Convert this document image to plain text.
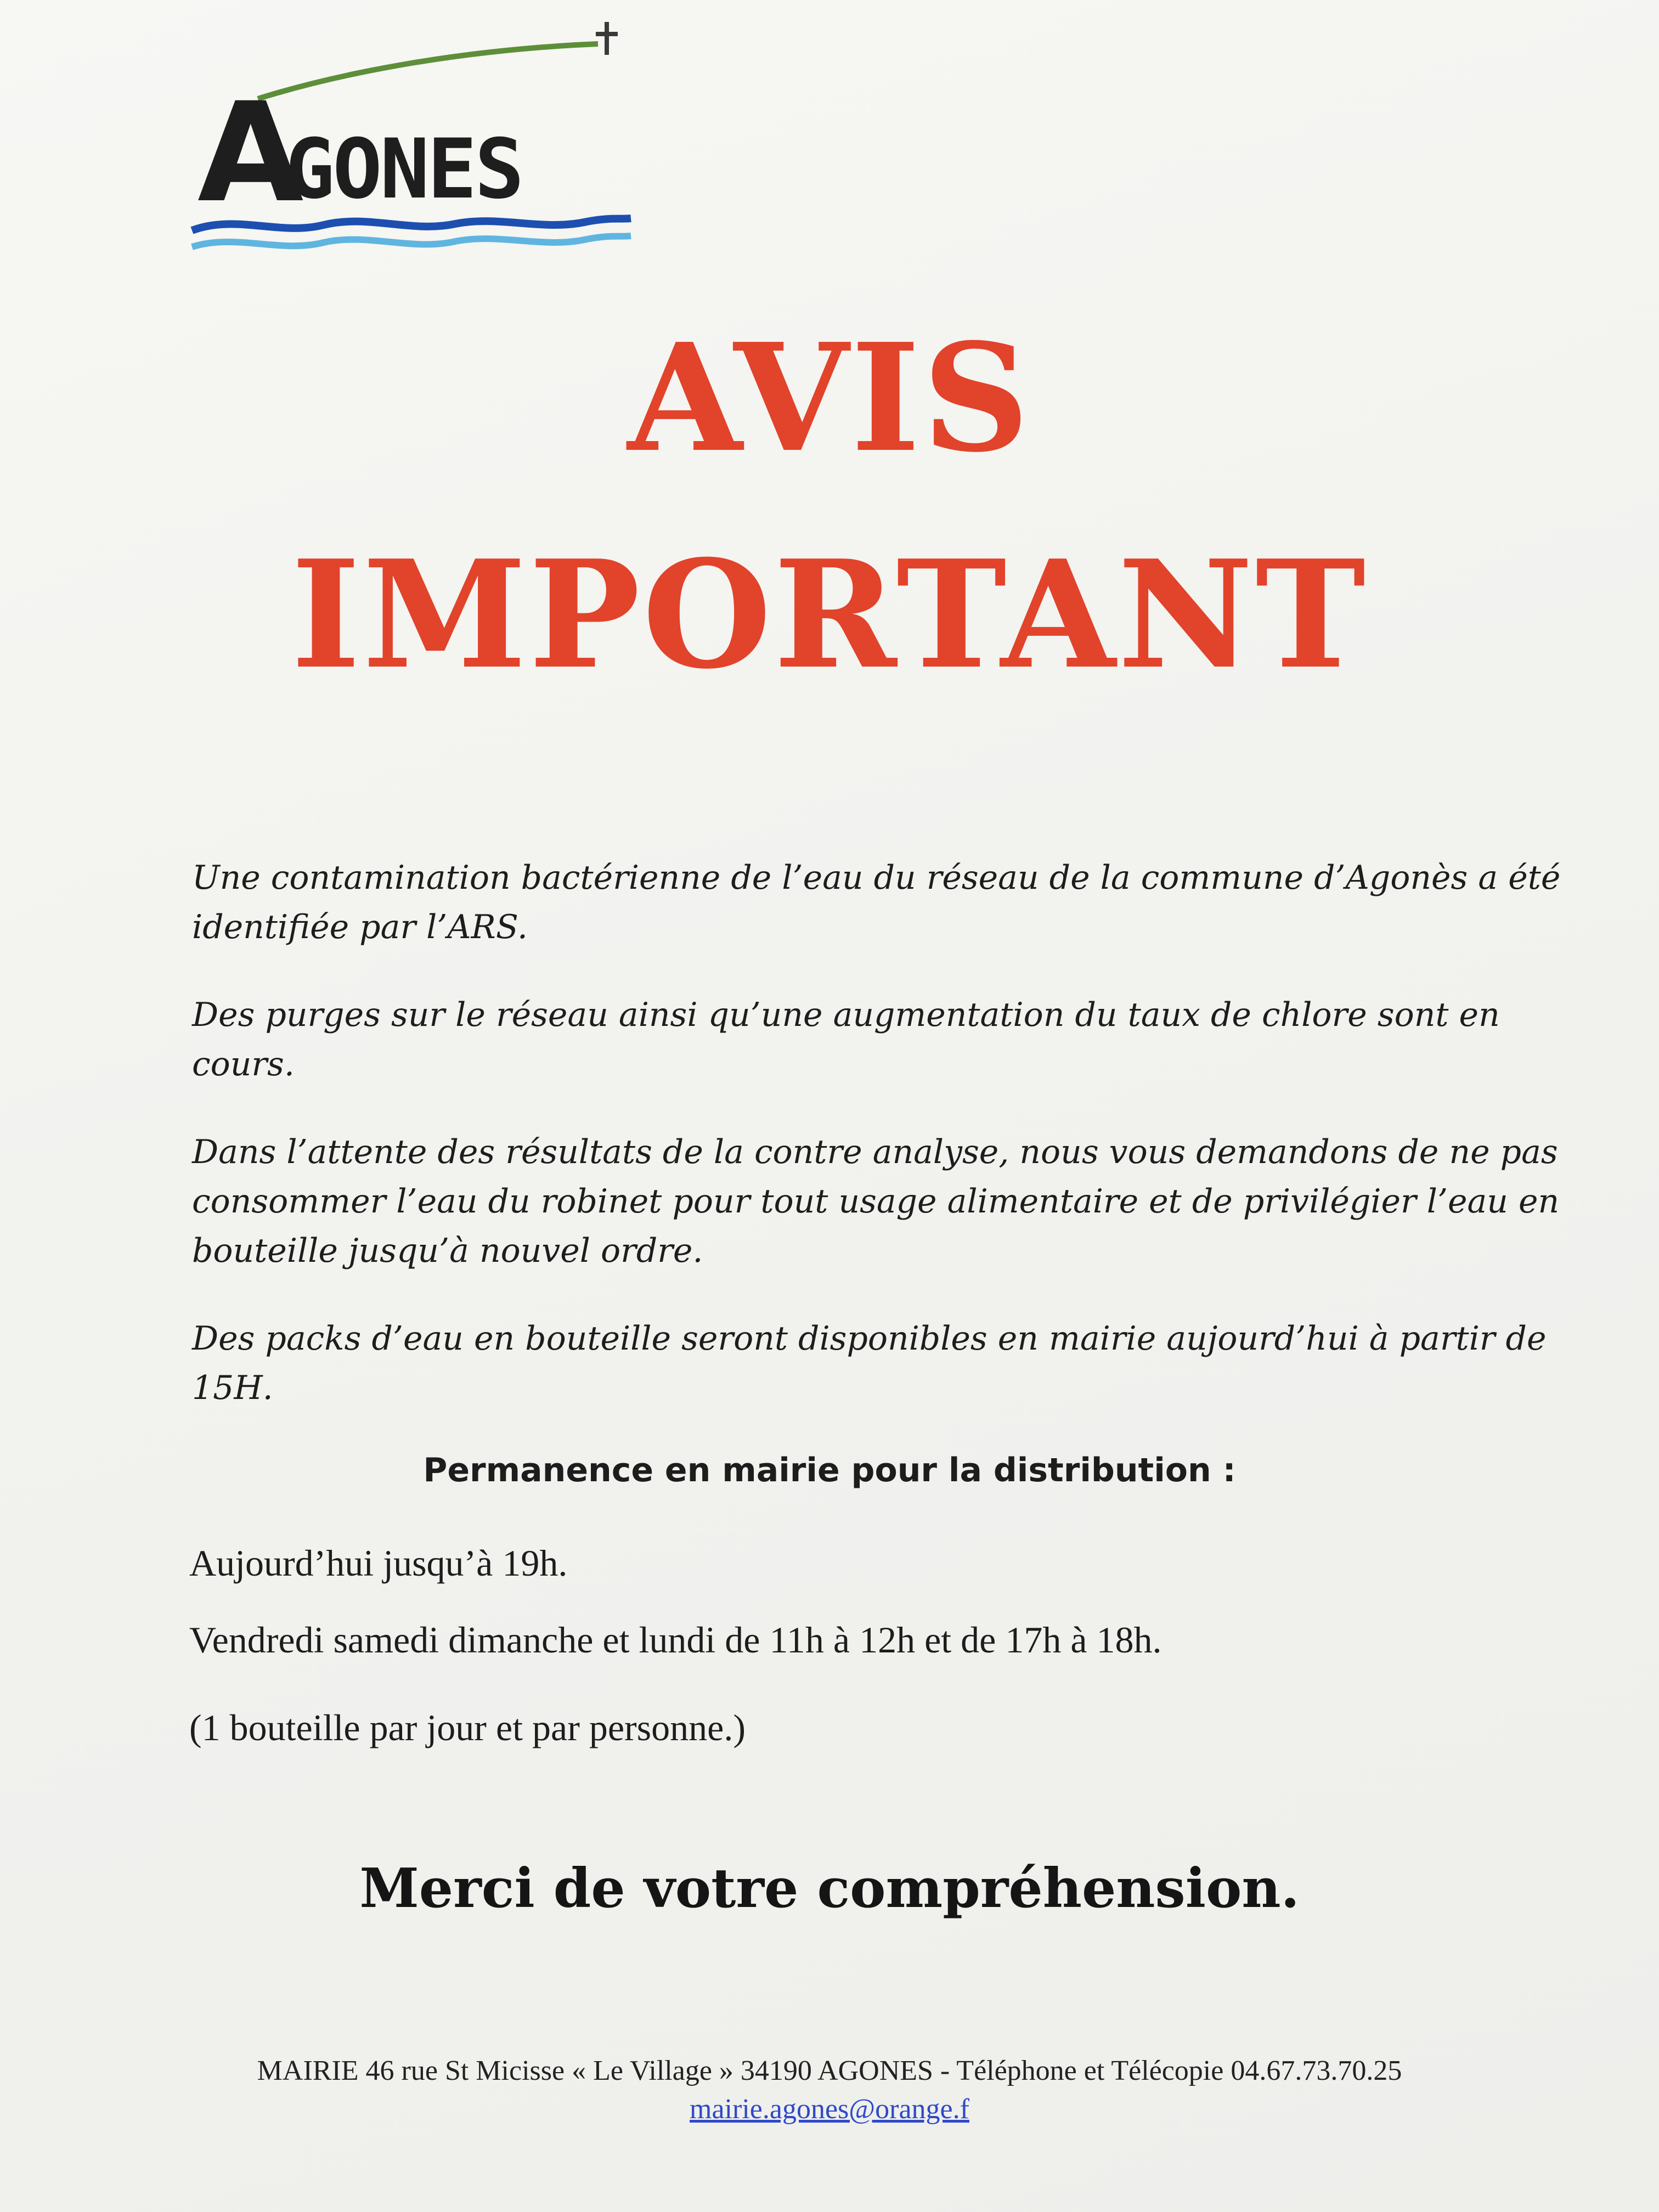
A
GONES
AVIS
IMPORTANT

Une contamination bactérienne de l’eau du réseau de la commune d’Agonès a été identifiée par l’ARS.

Des purges sur le réseau ainsi qu’une augmentation du taux de chlore sont en cours.

Dans l’attente des résultats de la contre analyse, nous vous demandons de ne pas consommer l’eau du robinet pour tout usage alimentaire et de privilégier l’eau en bouteille jusqu’à nouvel ordre.

Des packs d’eau en bouteille seront disponibles en mairie aujourd’hui à partir de 15H.

Permanence en mairie pour la distribution :

Aujourd’hui jusqu’à 19h.

Vendredi samedi dimanche et lundi de 11h à 12h et de 17h à 18h.

(1 bouteille par jour et par personne.)

Merci de votre compréhension.

MAIRIE 46 rue St Micisse « Le Village » 34190 AGONES - Téléphone et Télécopie 04.67.73.70.25

mairie.agones@orange.f
